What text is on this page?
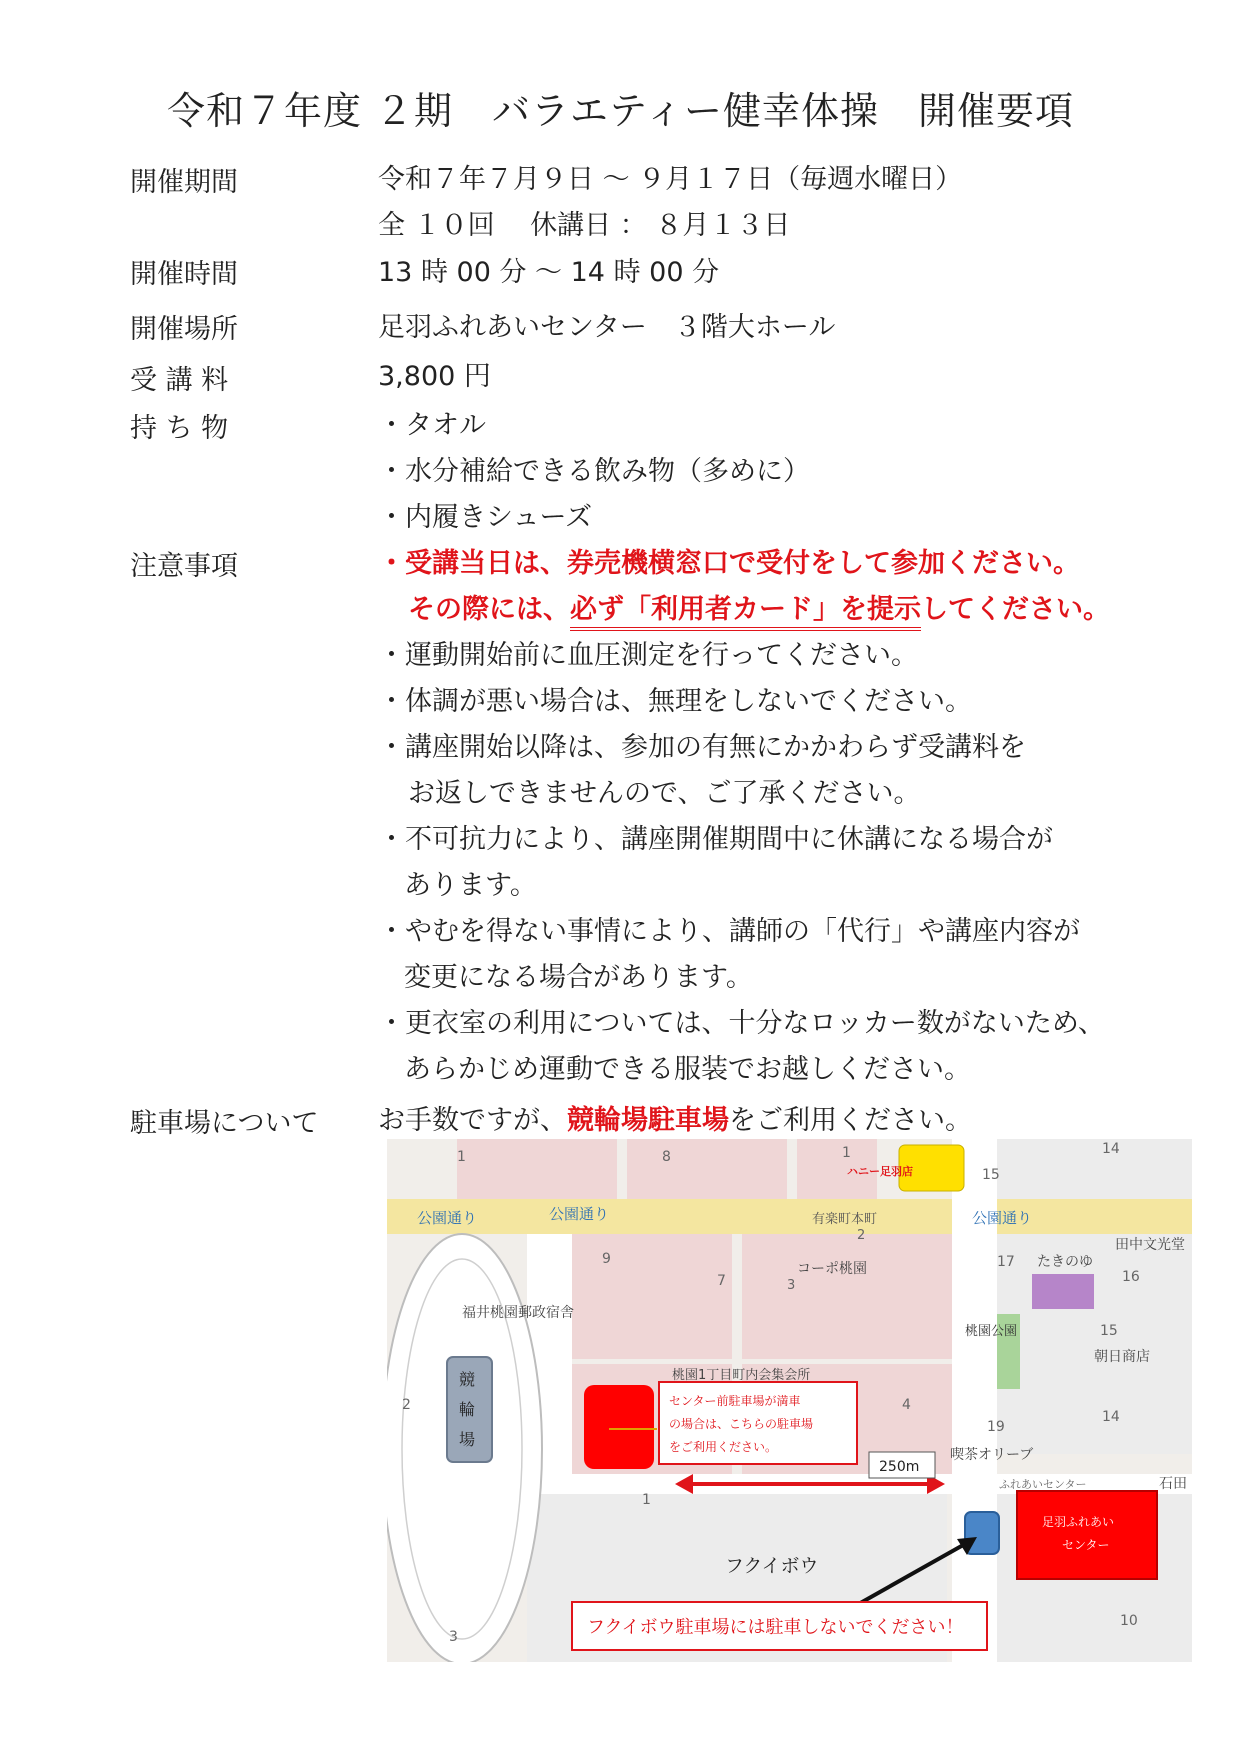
令和７年度 ２期　バラエティー健幸体操　開催要項
開催期間	令和７年７月９日 ～ ９月１７日（毎週水曜日）
全 １０回　 休講日 ： ８月１３日
開催時間	13 時 00 分 ～ 14 時 00 分
開催場所	足羽ふれあいセンター　３階大ホール
受 講 料	3,800 円
持 ち 物	・タオル
・水分補給できる飲み物（多めに）
・内履きシューズ
注意事項	・受講当日は、券売機横窓口で受付をして参加ください。
その際には、必ず「利用者カード」を提示してください。
・運動開始前に血圧測定を行ってください。
・体調が悪い場合は、無理をしないでください。
・講座開始以降は、参加の有無にかかわらず受講料を
お返しできませんので、ご了承ください。
・不可抗力により、講座開催期間中に休講になる場合が
あります。
・やむを得ない事情により、講師の「代行」や講座内容が
変更になる場合があります。
・更衣室の利用については、十分なロッカー数がないため、
あらかじめ運動できる服装でお越しください。
駐車場について お手数ですが、競輪場駐車場をご利用ください。
公園通り	公園通り	公園通り
ハニー足羽店
有楽町本町
田中文光堂
コーポ桃園	たきのゆ
福井桃園郵政宿舎
桃園公園
朝日商店
競
輪
場
桃園1丁目町内会集会所
センター前駐車場が満車
の場合は、こちらの駐車場
をご利用ください。
250m
喫茶オリーブ
ふれあいセンター	石田
足羽ふれあい
センター
フクイボウ
フクイボウ駐車場には駐車しないでください！
1	8	1	14
15
2
9
7	3
17
16
15
2	4
19
14
1
3
10
